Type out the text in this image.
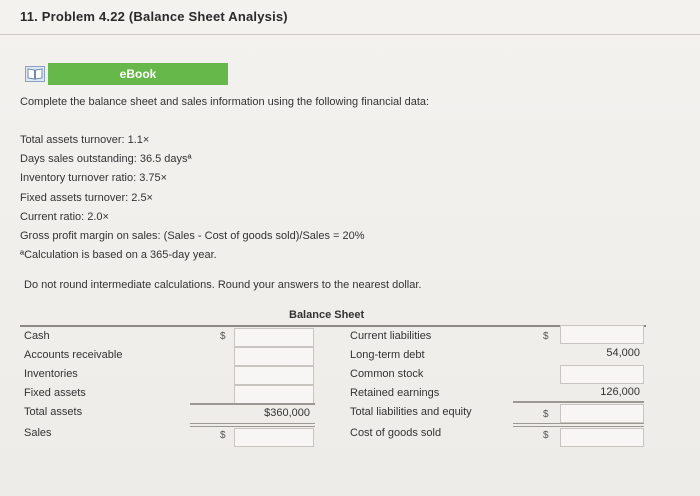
11. Problem 4.22 (Balance Sheet Analysis)
eBook
Complete the balance sheet and sales information using the following financial data:
Total assets turnover: 1.1×
Days sales outstanding: 36.5 daysª
Inventory turnover ratio: 3.75×
Fixed assets turnover: 2.5×
Current ratio: 2.0×
Gross profit margin on sales: (Sales - Cost of goods sold)/Sales = 20%
ªCalculation is based on a 365-day year.
Do not round intermediate calculations. Round your answers to the nearest dollar.
Balance Sheet
Cash
Accounts receivable
Inventories
Fixed assets
Total assets
Sales
$
$
$360,000
Current liabilities
Long-term debt
Common stock
Retained earnings
Total liabilities and equity
Cost of goods sold
$
$
$
54,000
126,000
